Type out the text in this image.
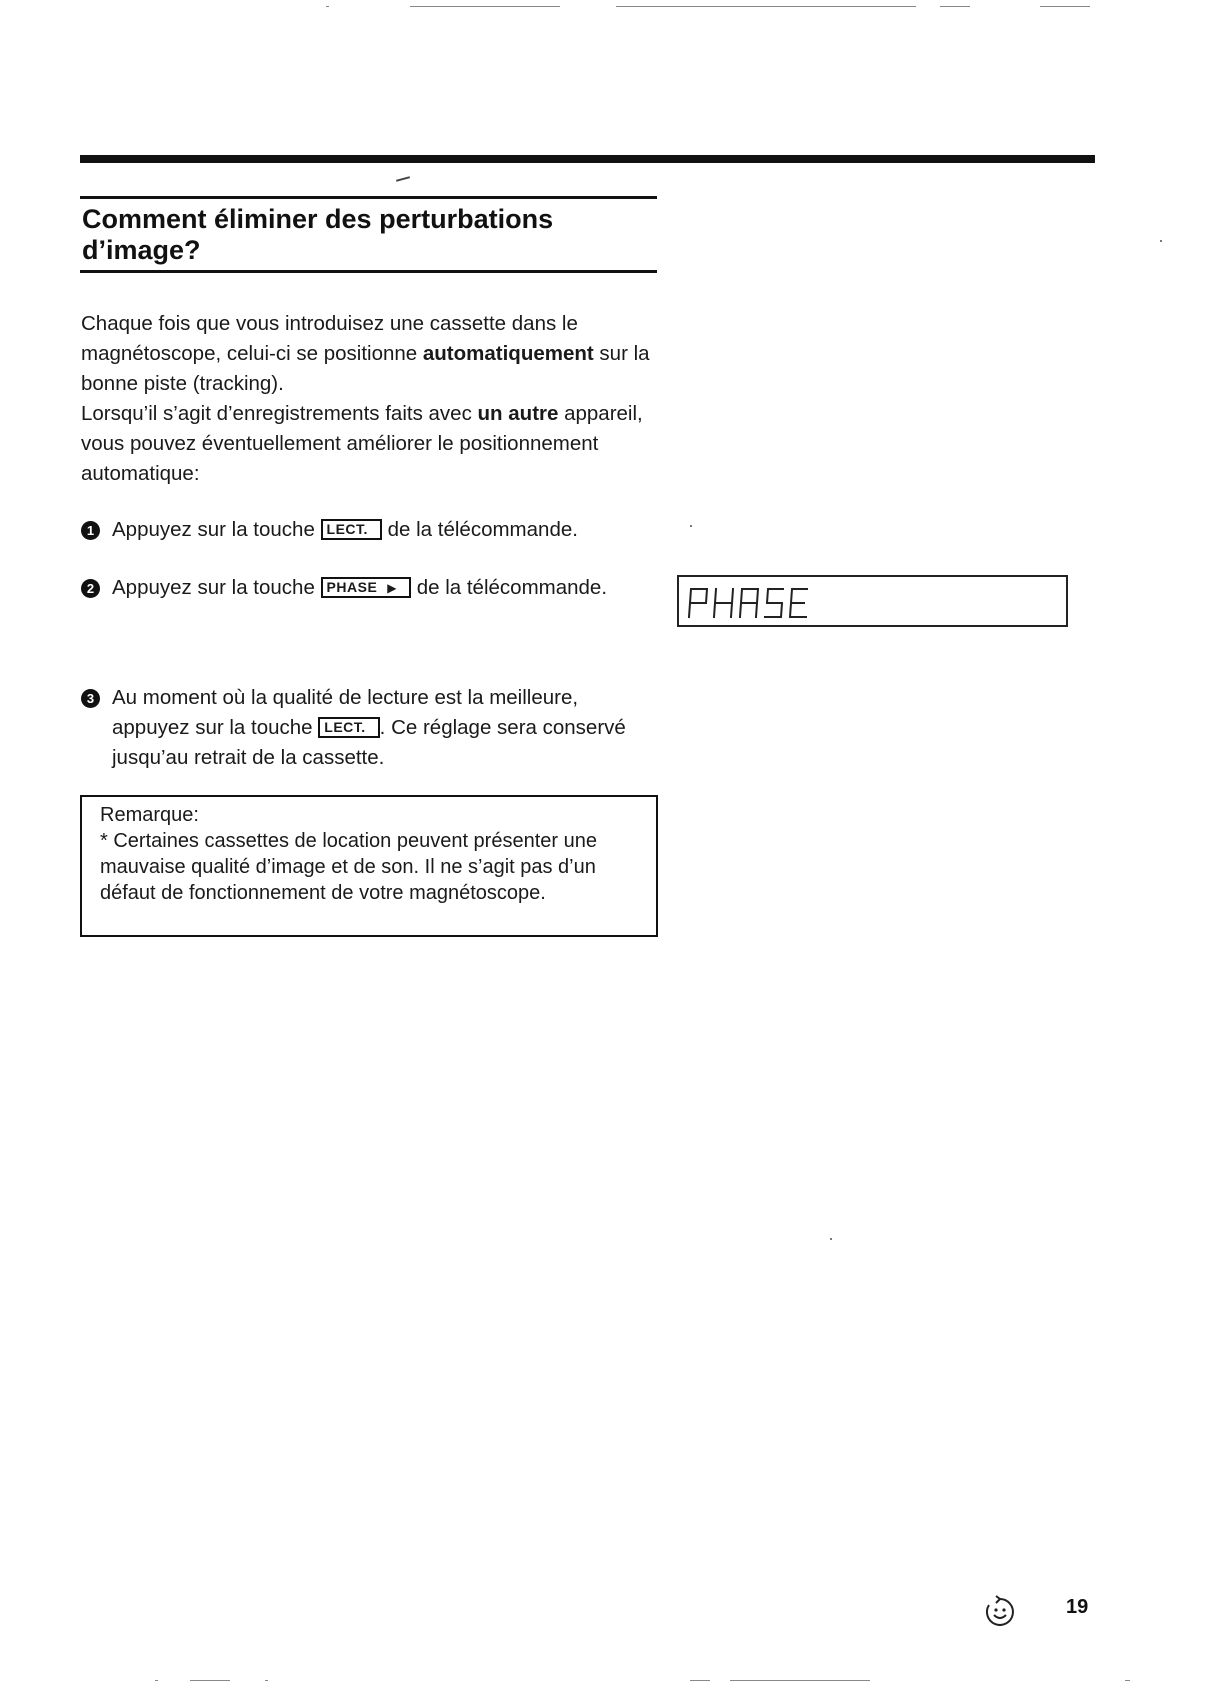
Comment éliminer des perturbations d’image?

Chaque fois que vous introduisez une cassette dans le magnétoscope, celui-ci se positionne automatiquement sur la bonne piste (tracking).

Lorsqu’il s’agit d’enregistrements faits avec un autre appareil, vous pouvez éventuellement améliorer le positionnement automatique:

1 Appuyez sur la touche LECT. de la télécommande.
2 Appuyez sur la touche PHASE ▶ de la télécommande.
3 Au moment où la qualité de lecture est la meilleure, appuyez sur la touche LECT. . Ce réglage sera conservé jusqu’au retrait de la cassette.

Remarque:

* Certaines cassettes de location peuvent présenter une mauvaise qualité d’image et de son. Il ne s’agit pas d’un défaut de fonctionnement de votre magnétoscope.

19
